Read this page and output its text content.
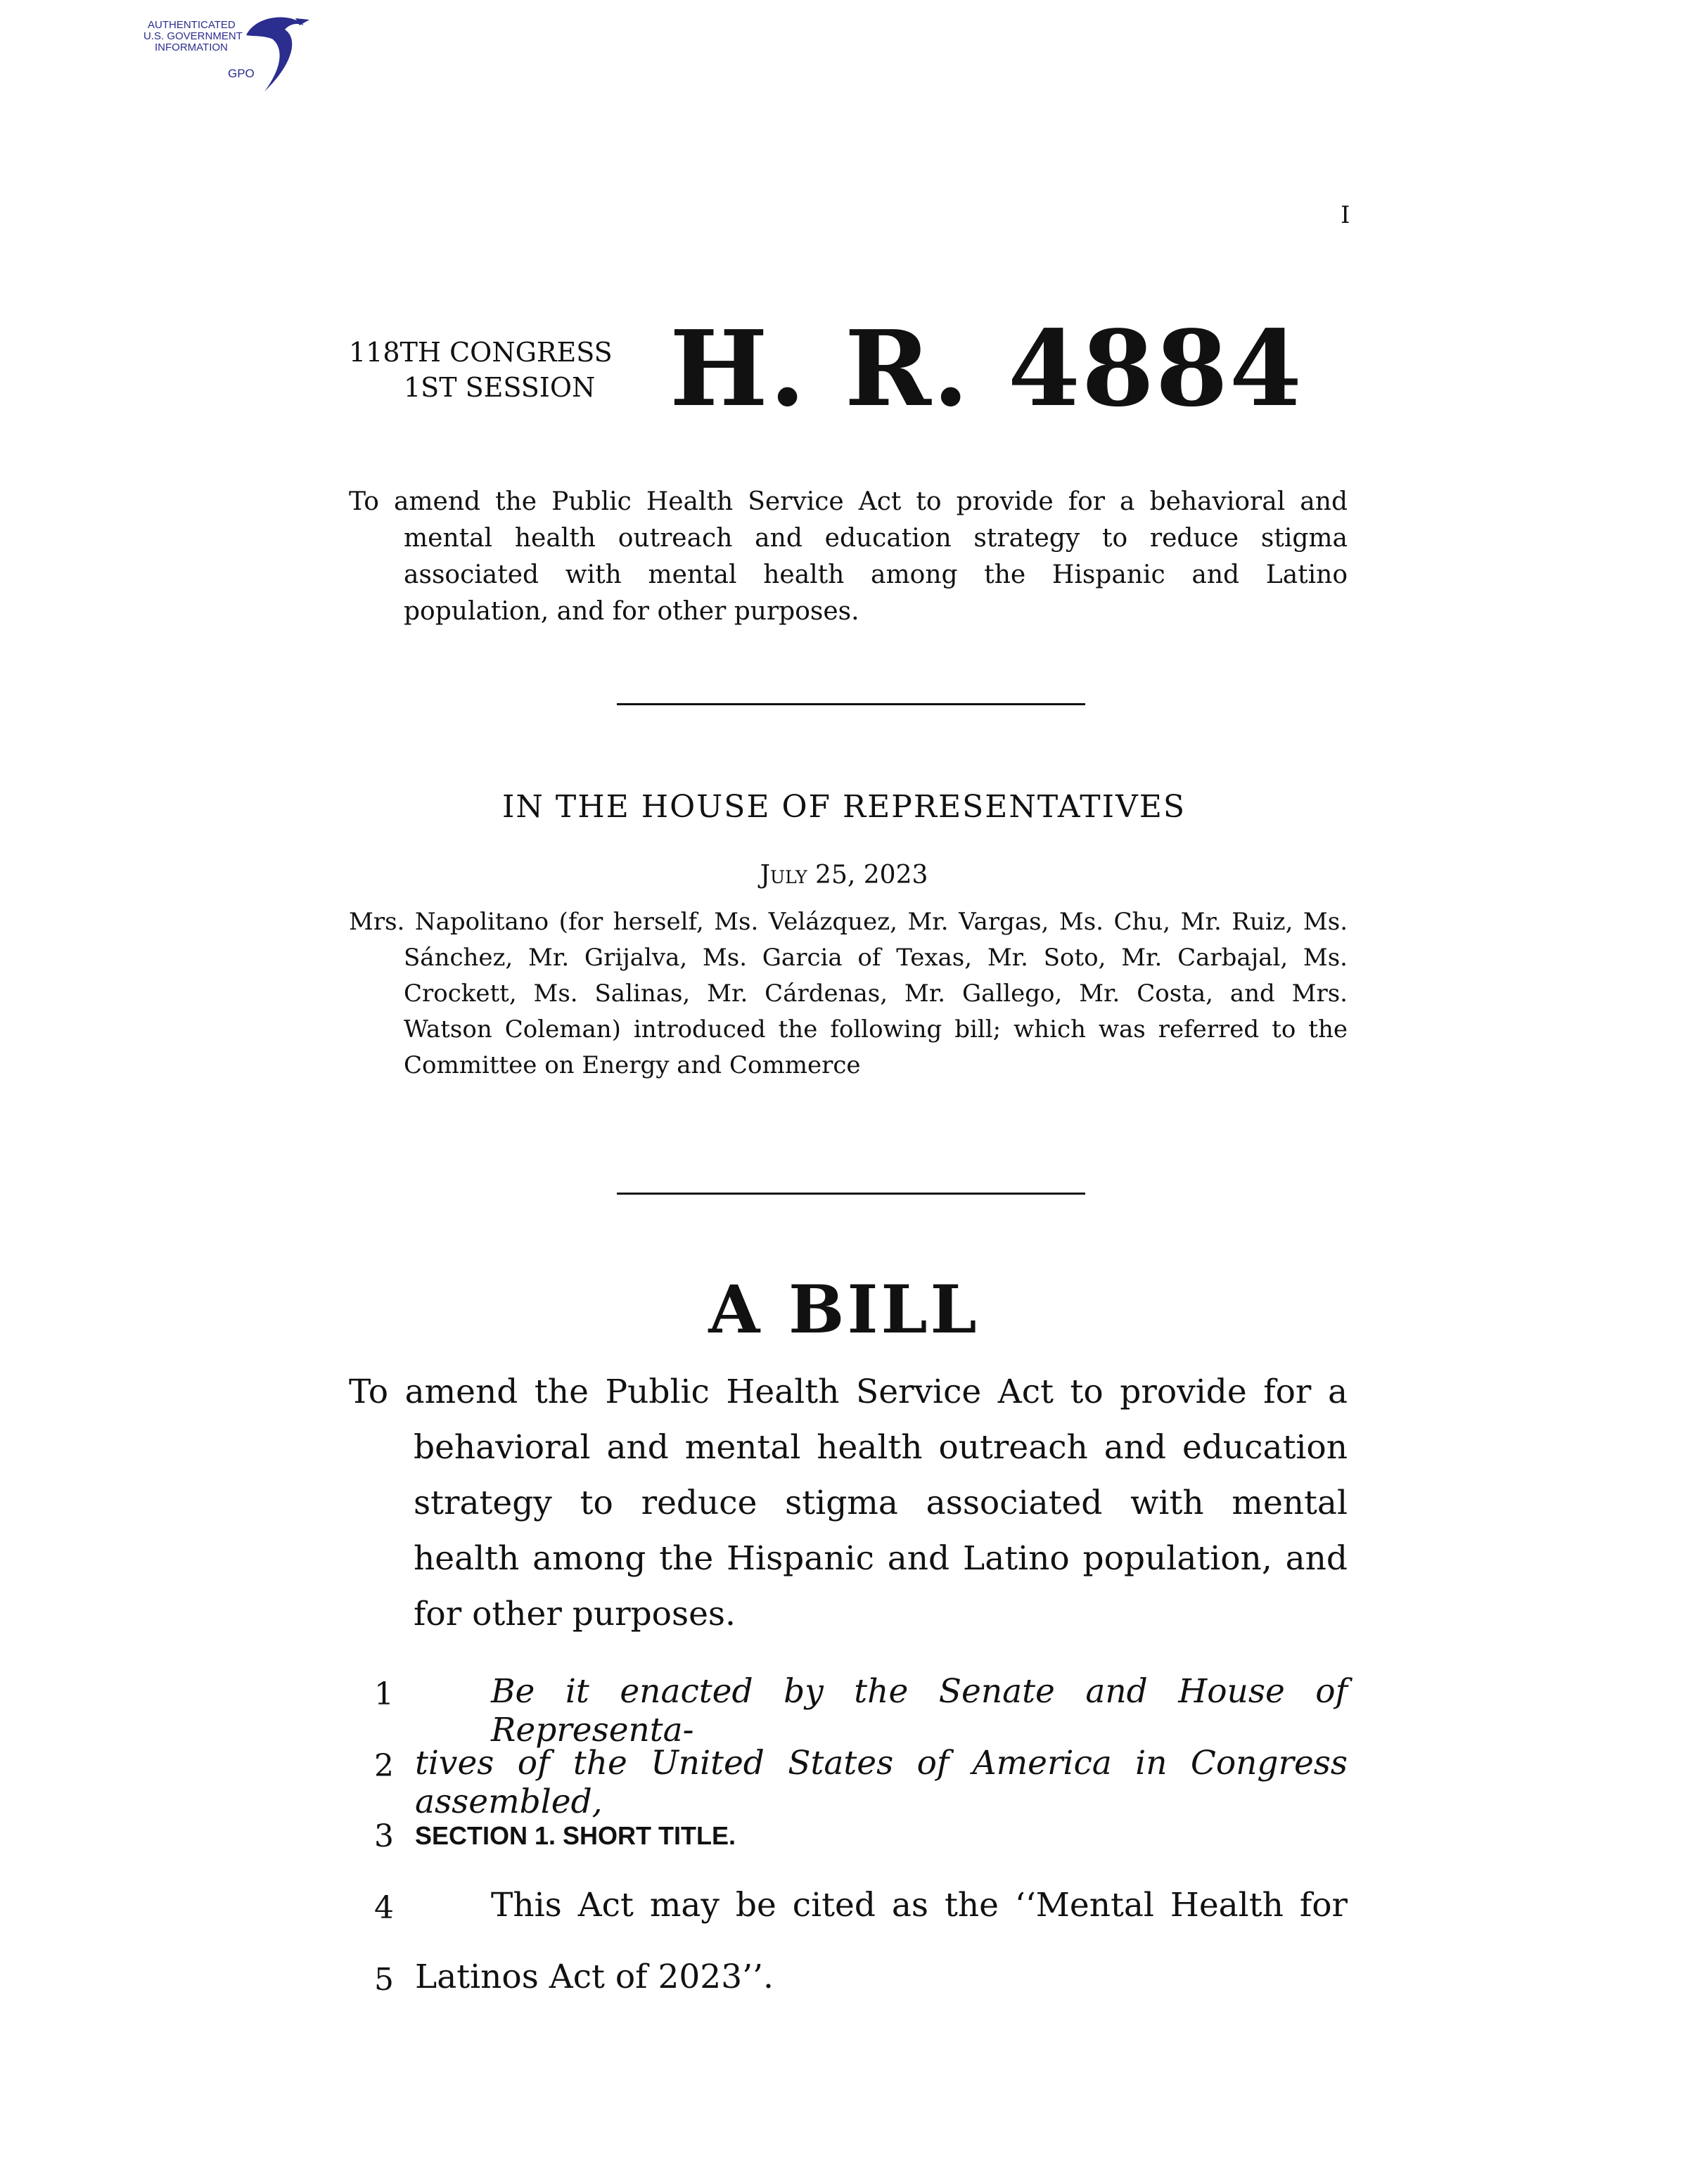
AUTHENTICATED
U.S. GOVERNMENT
INFORMATION
GPO
I
118TH CONGRESS
1ST SESSION H. R. 4884
To amend the Public Health Service Act to provide for a behavioral and mental health outreach and education strategy to reduce stigma associated with mental health among the Hispanic and Latino population, and for other purposes.
IN THE HOUSE OF REPRESENTATIVES
July 25, 2023
Mrs. Napolitano (for herself, Ms. Velázquez, Mr. Vargas, Ms. Chu, Mr. Ruiz, Ms. Sánchez, Mr. Grijalva, Ms. Garcia of Texas, Mr. Soto, Mr. Carbajal, Ms. Crockett, Ms. Salinas, Mr. Cárdenas, Mr. Gallego, Mr. Costa, and Mrs. Watson Coleman) introduced the following bill; which was referred to the Committee on Energy and Commerce
A BILL
To amend the Public Health Service Act to provide for a behavioral and mental health outreach and education strategy to reduce stigma associated with mental health among the Hispanic and Latino population, and for other purposes.
1	Be it enacted by the Senate and House of Representa-
2 tives of the United States of America in Congress assembled,
3 SECTION 1. SHORT TITLE.
4	This Act may be cited as the ‘‘Mental Health for
5 Latinos Act of 2023’’.
